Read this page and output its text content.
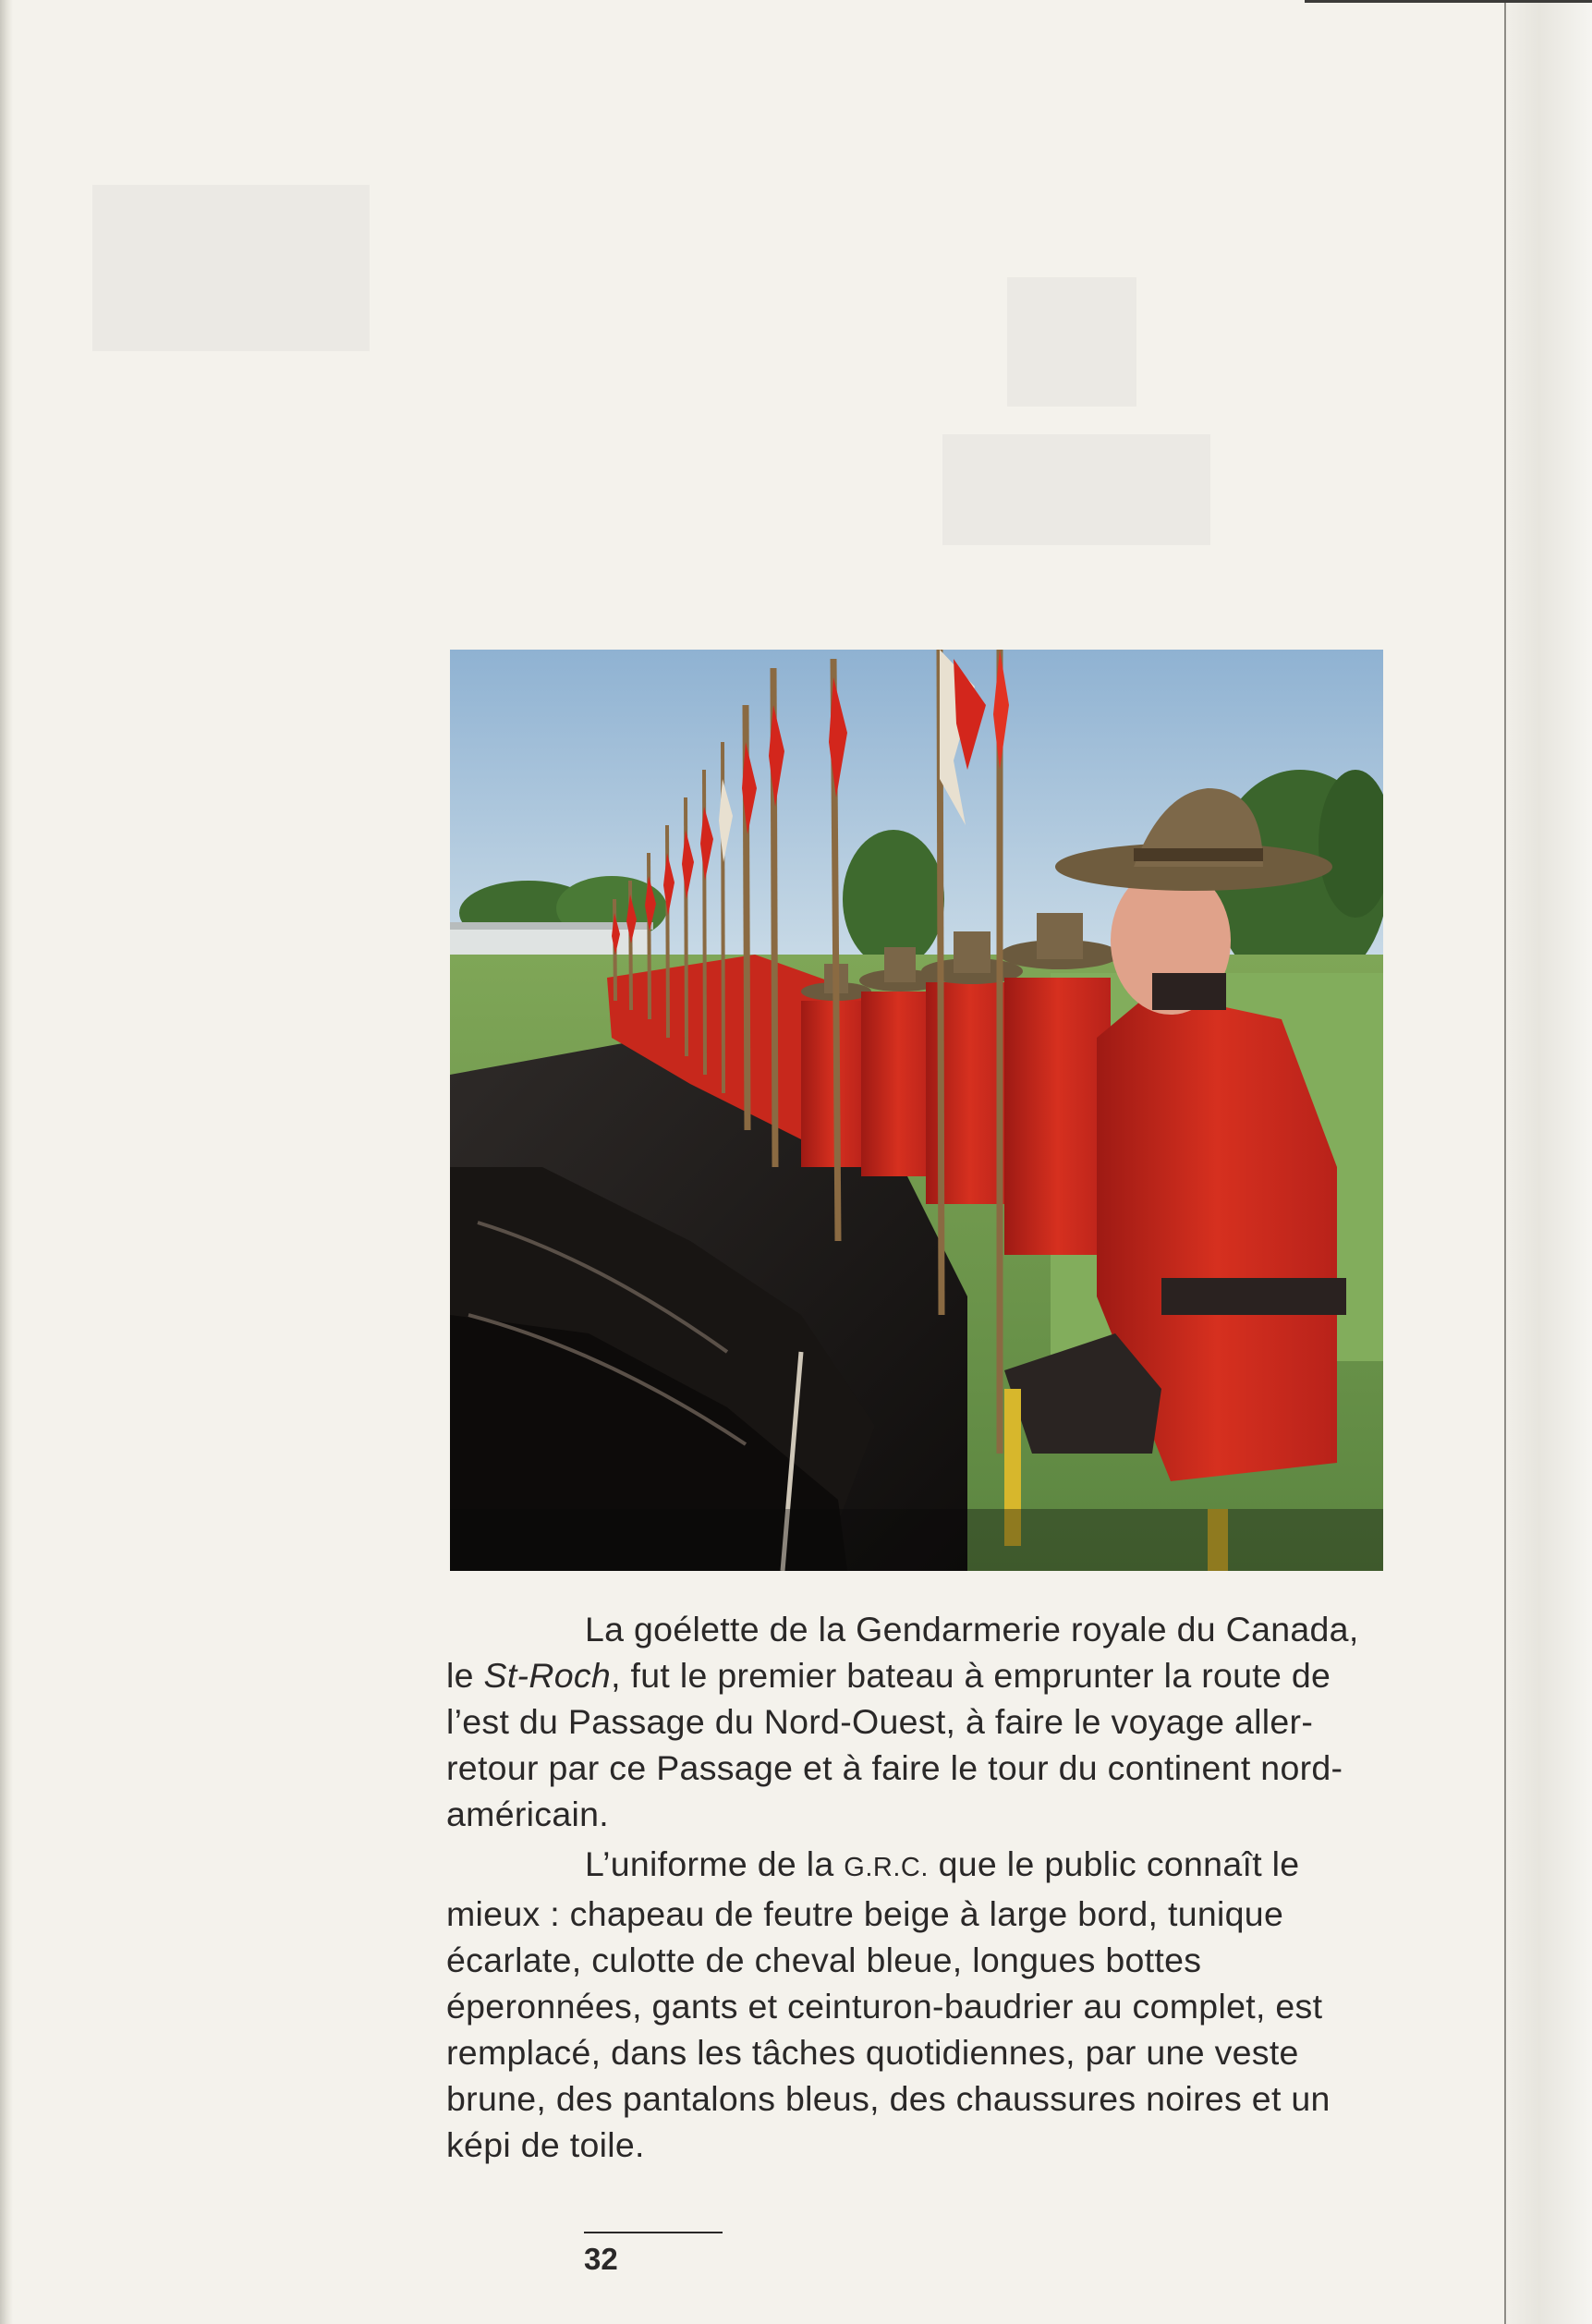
La goélette de la Gendarmerie royale du Canada, le St-Roch, fut le premier bateau à emprunter la route de l’est du Passage du Nord-Ouest, à faire le voyage aller-retour par ce Passage et à faire le tour du continent nord-américain.

L’uniforme de la G.R.C. que le public connaît le mieux : chapeau de feutre beige à large bord, tunique écarlate, culotte de cheval bleue, longues bottes éperonnées, gants et ceinturon-baudrier au complet, est remplacé, dans les tâches quotidiennes, par une veste brune, des pantalons bleus, des chaussures noires et un képi de toile.

32
